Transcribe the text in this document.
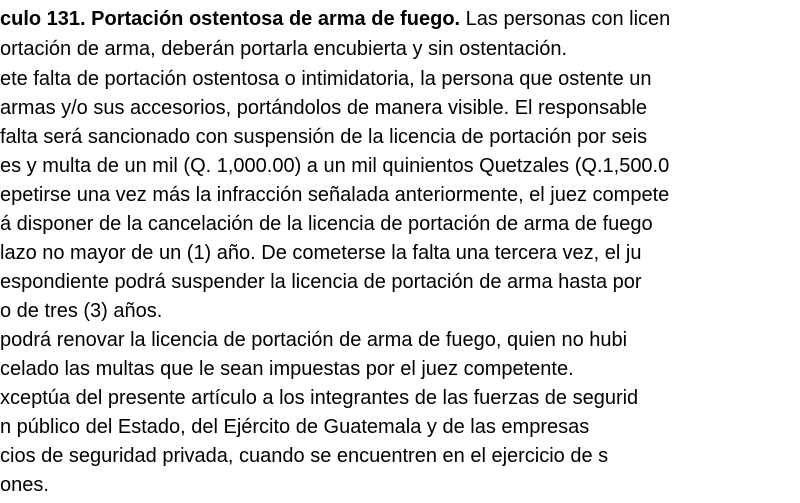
culo 131. Portación ostentosa de arma de fuego. Las personas con licen
ortación de arma, deberán portarla encubierta y sin ostentación.
ete falta de portación ostentosa o intimidatoria, la persona que ostente un
armas y/o sus accesorios, portándolos de manera visible. El responsable
falta será sancionado con suspensión de la licencia de portación por seis
es y multa de un mil (Q. 1,000.00) a un mil quinientos Quetzales (Q.1,500.0
epetirse una vez más la infracción señalada anteriormente, el juez compete
á disponer de la cancelación de la licencia de portación de arma de fuego
lazo no mayor de un (1) año. De cometerse la falta una tercera vez, el ju
espondiente podrá suspender la licencia de portación de arma hasta por
o de tres (3) años.
podrá renovar la licencia de portación de arma de fuego, quien no hubi
celado las multas que le sean impuestas por el juez competente.
xceptúa del presente artículo a los integrantes de las fuerzas de segurid
n público del Estado, del Ejército de Guatemala y de las empresas
cios de seguridad privada, cuando se encuentren en el ejercicio de s
ones.
